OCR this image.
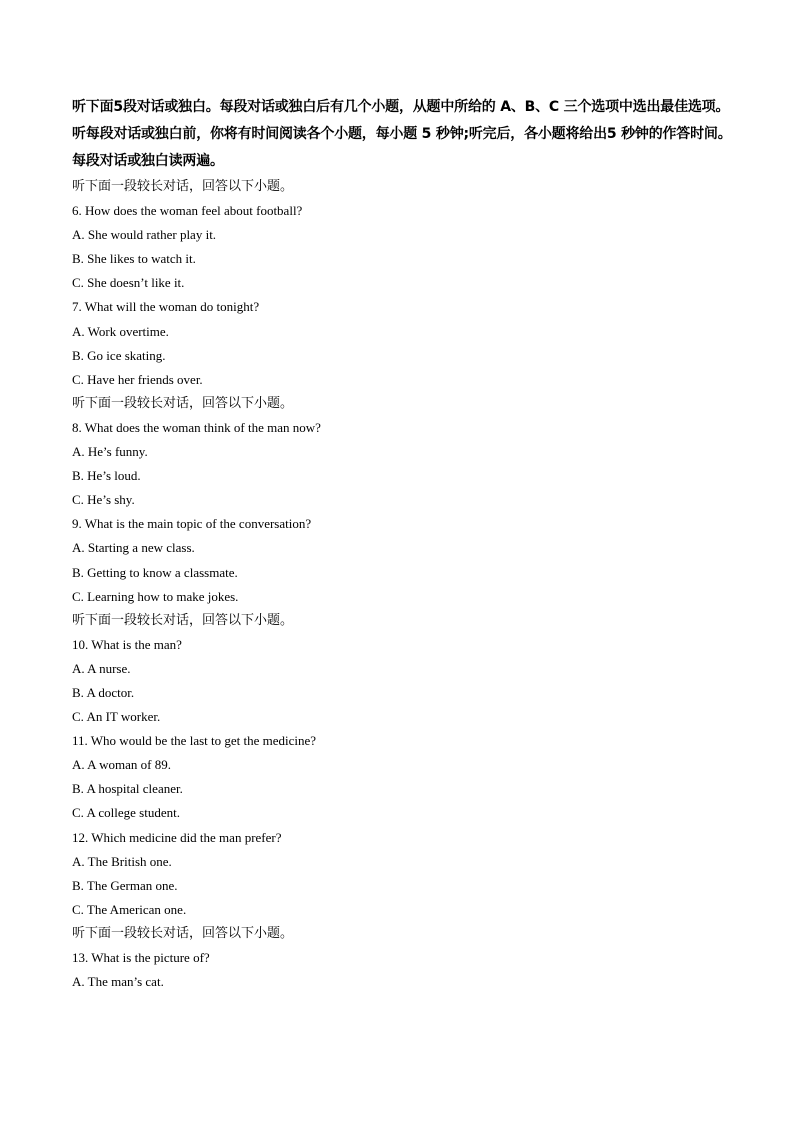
听下面5段对话或独白。每段对话或独白后有几个小题，从题中所给的 A、B、C 三个选项中选出最佳选项。
听每段对话或独白前，你将有时间阅读各个小题，每小题 5 秒钟;听完后，各小题将给出5 秒钟的作答时间。
每段对话或独白读两遍。
听下面一段较长对话，回答以下小题。
6. How does the woman feel about football?
A. She would rather play it.
B. She likes to watch it.
C. She doesn’t like it.
7. What will the woman do tonight?
A. Work overtime.
B. Go ice skating.
C. Have her friends over.
听下面一段较长对话，回答以下小题。
8. What does the woman think of the man now?
A. He’s funny.
B. He’s loud.
C. He’s shy.
9. What is the main topic of the conversation?
A. Starting a new class.
B. Getting to know a classmate.
C. Learning how to make jokes.
听下面一段较长对话，回答以下小题。
10. What is the man?
A. A nurse.
B. A doctor.
C. An IT worker.
11. Who would be the last to get the medicine?
A. A woman of 89.
B. A hospital cleaner.
C. A college student.
12. Which medicine did the man prefer?
A. The British one.
B. The German one.
C. The American one.
听下面一段较长对话，回答以下小题。
13. What is the picture of?
A. The man’s cat.
